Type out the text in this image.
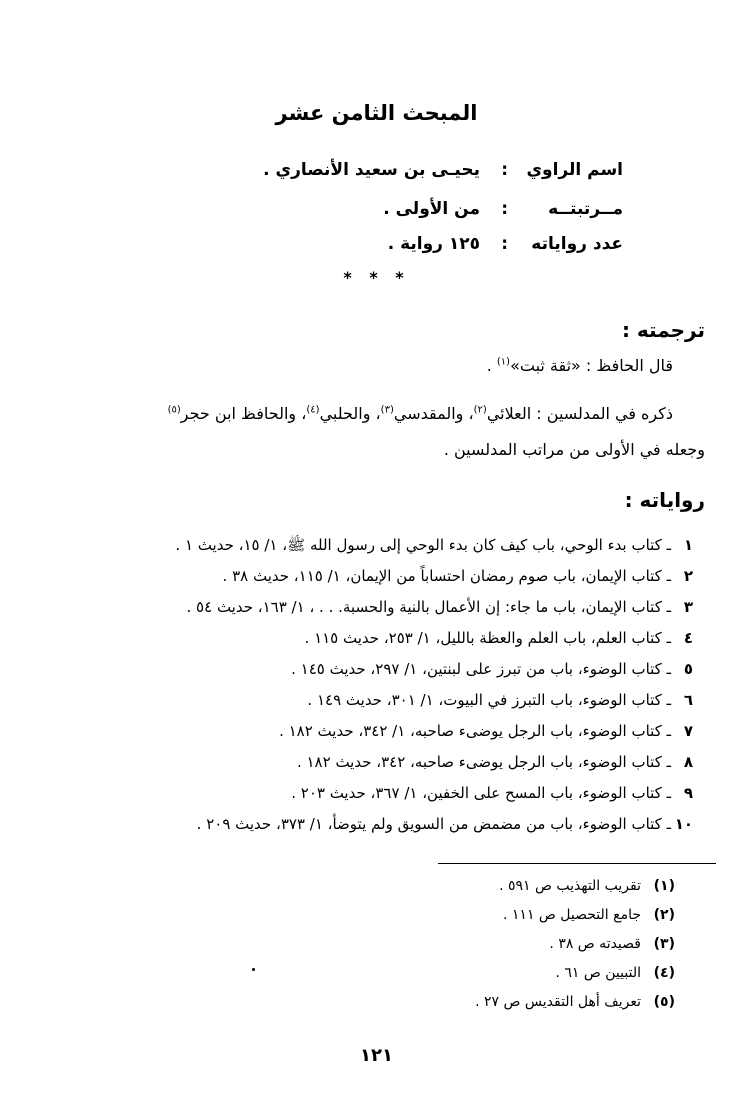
المبحث الثامن عشر
اسم الراوي
:
يحيـى بن سعيد الأنصاري .
مــرتبتــه
:
من الأولى .
عدد رواياته
:
١٢٥ رواية .
* * *
ترجمته :
قال الحافظ : «ثقة ثبت»$^{(١)}$ .
ذكره في المدلسين : العلائي$^{(٢)}$، والمقدسي$^{(٣)}$، والحلبي$^{(٤)}$، والحافظ ابن حجر$^{(٥)}$
وجعله في الأولى من مراتب المدلسين .
رواياته :
١ـ كتاب بدء الوحي، باب كيف كان بدء الوحي إلى رسول الله ﷺ، ١/ ١٥، حديث ١ .
٢ـ كتاب الإيمان، باب صوم رمضان احتساباً من الإيمان، ١/ ١١٥، حديث ٣٨ .
٣ـ كتاب الإيمان، باب ما جاء: إن الأعمال بالنية والحسبة. . . ، ١/ ١٦٣، حديث ٥٤ .
٤ـ كتاب العلم، باب العلم والعظة بالليل، ١/ ٢٥٣، حديث ١١٥ .
٥ـ كتاب الوضوء، باب من تبرز على لبنتين، ١/ ٢٩٧، حديث ١٤٥ .
٦ـ كتاب الوضوء، باب التبرز في البيوت، ١/ ٣٠١، حديث ١٤٩ .
٧ـ كتاب الوضوء، باب الرجل يوضىء صاحبه، ١/ ٣٤٢، حديث ١٨٢ .
٨ـ كتاب الوضوء، باب الرجل يوضىء صاحبه، ٣٤٢، حديث ١٨٢ .
٩ـ كتاب الوضوء، باب المسح على الخفين، ١/ ٣٦٧، حديث ٢٠٣ .
١٠ـ كتاب الوضوء، باب من مضمض من السويق ولم يتوضأ، ١/ ٣٧٣، حديث ٢٠٩ .
(١)تقريب التهذيب ص ٥٩١ .
(٢)جامع التحصيل ص ١١١ .
(٣)قصيدته ص ٣٨ .
(٤)التبيين ص ٦١ .
(٥)تعريف أهل التقديس ص ٢٧ .
١٢١
